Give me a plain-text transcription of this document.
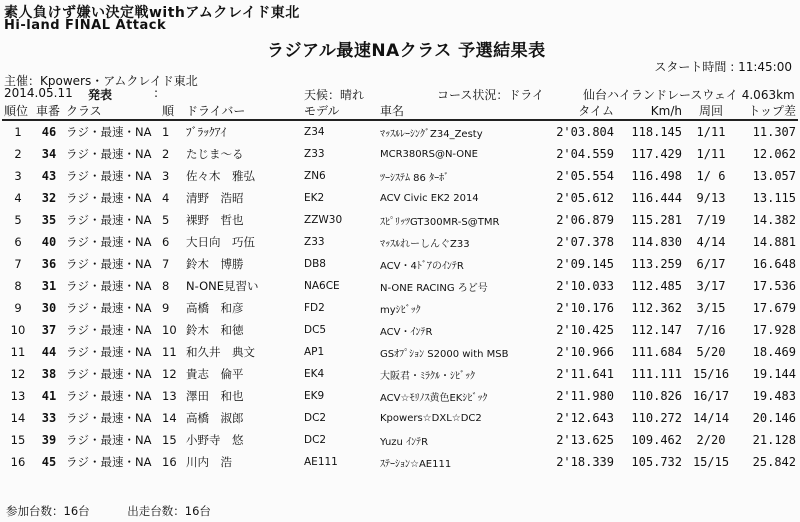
素人負けず嫌い決定戦withアムクレイド東北
Hi-land FINAL Attack
ラジアル最速NAクラス 予選結果表
スタート時間 : 11:45:00
主催：Kpowers・アムクレイド東北
2014.05.11 発表	:	天候：晴れ	コース状況：ドライ	仙台ハイランドレースウェイ 4.063km
順位	車番	クラス	順	ドライバー	モデル	車名	タイム	Km/h	周回	トップ差
1	46	ラジ・最速・NA	1	ﾌﾞﾗｯｸｱｲ	Z34	ﾏｯｽﾙﾚｰｼﾝｸﾞZ34_Zesty	2'03.804	118.145	1/11	11.307
2	34	ラジ・最速・NA	2	たじま～る	Z33	MCR380RS@N-ONE	2'04.559	117.429	1/11	12.062
3	43	ラジ・最速・NA	3	佐々木　雅弘	ZN6	ﾂｰｼｽﾃﾑ 86 ﾀｰﾎﾞ	2'05.554	116.498	1/ 6	13.057
4	32	ラジ・最速・NA	4	清野　浩昭	EK2	ACV Civic EK2 2014	2'05.612	116.444	9/13	13.115
5	35	ラジ・最速・NA	5	裸野　哲也	ZZW30	ｽﾋﾟﾘｯﾂGT300MR-S@TMR	2'06.879	115.281	7/19	14.382
6	40	ラジ・最速・NA	6	大日向　巧伍	Z33	ﾏｯｽﾙれーしんぐZ33	2'07.378	114.830	4/14	14.881
7	36	ラジ・最速・NA	7	鈴木　博勝	DB8	ACV・4ﾄﾞｱのｲﾝﾃR	2'09.145	113.259	6/17	16.648
8	31	ラジ・最速・NA	8	N-ONE見習い	NA6CE	N-ONE RACING ろど号	2'10.033	112.485	3/17	17.536
9	30	ラジ・最速・NA	9	高橋　和彦	FD2	myｼﾋﾞｯｸ	2'10.176	112.362	3/15	17.679
10	37	ラジ・最速・NA	10	鈴木　和徳	DC5	ACV・ｲﾝﾃR	2'10.425	112.147	7/16	17.928
11	44	ラジ・最速・NA	11	和久井　典文	AP1	GSｵﾌﾟｼｮﾝ S2000 with MSB	2'10.966	111.684	5/20	18.469
12	38	ラジ・最速・NA	12	貴志　倫平	EK4	大阪君・ﾐﾗｸﾙ・ｼﾋﾞｯｸ	2'11.641	111.111	15/16	19.144
13	41	ラジ・最速・NA	13	澤田　和也	EK9	ACV☆ﾓﾘﾉｽ黄色EKｼﾋﾞｯｸ	2'11.980	110.826	16/17	19.483
14	33	ラジ・最速・NA	14	高橋　淑郎	DC2	Kpowers☆DXL☆DC2	2'12.643	110.272	14/14	20.146
15	39	ラジ・最速・NA	15	小野寺　悠	DC2	Yuzu ｲﾝﾃR	2'13.625	109.462	2/20	21.128
16	45	ラジ・最速・NA	16	川内　浩	AE111	ｽﾃｰｼｮﾝ☆AE111	2'18.339	105.732	15/15	25.842
参加台数：16台	出走台数：16台
